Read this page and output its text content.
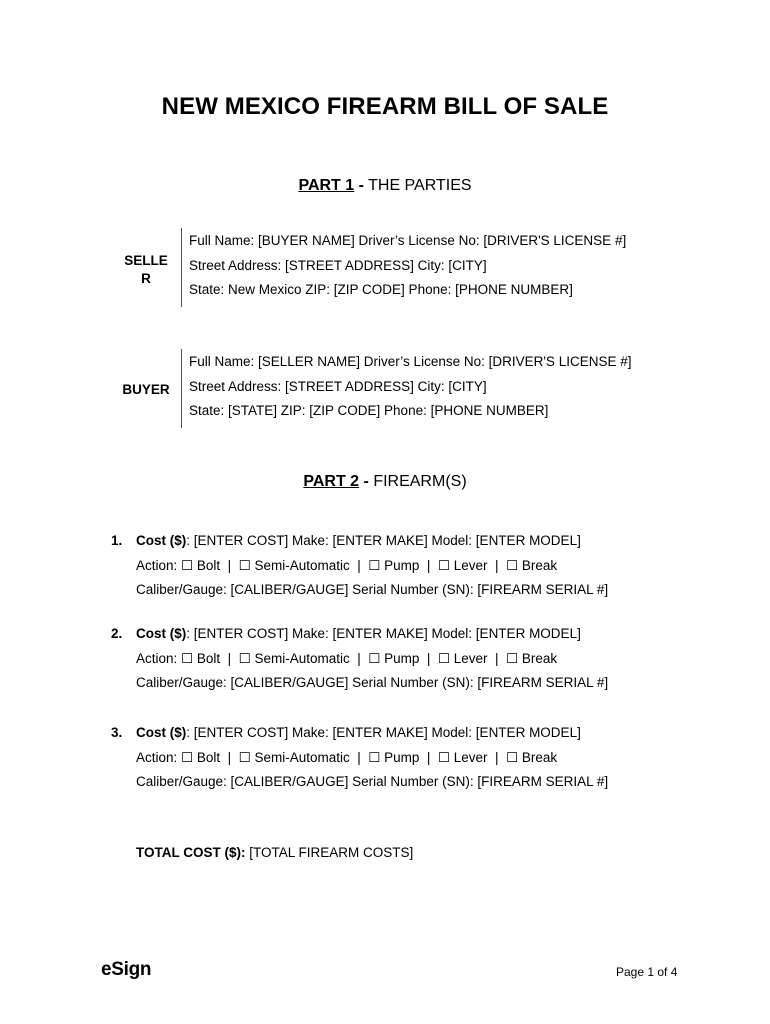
NEW MEXICO FIREARM BILL OF SALE
PART 1 - THE PARTIES
SELLE
R
Full Name: [BUYER NAME] Driver’s License No: [DRIVER'S LICENSE #]
Street Address: [STREET ADDRESS] City: [CITY]
State: New Mexico ZIP: [ZIP CODE] Phone: [PHONE NUMBER]
BUYER
Full Name: [SELLER NAME] Driver’s License No: [DRIVER'S LICENSE #]
Street Address: [STREET ADDRESS] City: [CITY]
State: [STATE] ZIP: [ZIP CODE] Phone: [PHONE NUMBER]
PART 2 - FIREARM(S)
1. Cost ($): [ENTER COST] Make: [ENTER MAKE] Model: [ENTER MODEL]
Action: ☐ Bolt  |  ☐ Semi-Automatic  |  ☐ Pump  |  ☐ Lever  |  ☐ Break
Caliber/Gauge: [CALIBER/GAUGE] Serial Number (SN): [FIREARM SERIAL #]
2. Cost ($): [ENTER COST] Make: [ENTER MAKE] Model: [ENTER MODEL]
Action: ☐ Bolt  |  ☐ Semi-Automatic  |  ☐ Pump  |  ☐ Lever  |  ☐ Break
Caliber/Gauge: [CALIBER/GAUGE] Serial Number (SN): [FIREARM SERIAL #]
3. Cost ($): [ENTER COST] Make: [ENTER MAKE] Model: [ENTER MODEL]
Action: ☐ Bolt  |  ☐ Semi-Automatic  |  ☐ Pump  |  ☐ Lever  |  ☐ Break
Caliber/Gauge: [CALIBER/GAUGE] Serial Number (SN): [FIREARM SERIAL #]
TOTAL COST ($): [TOTAL FIREARM COSTS]
eSign	Page 1 of 4
